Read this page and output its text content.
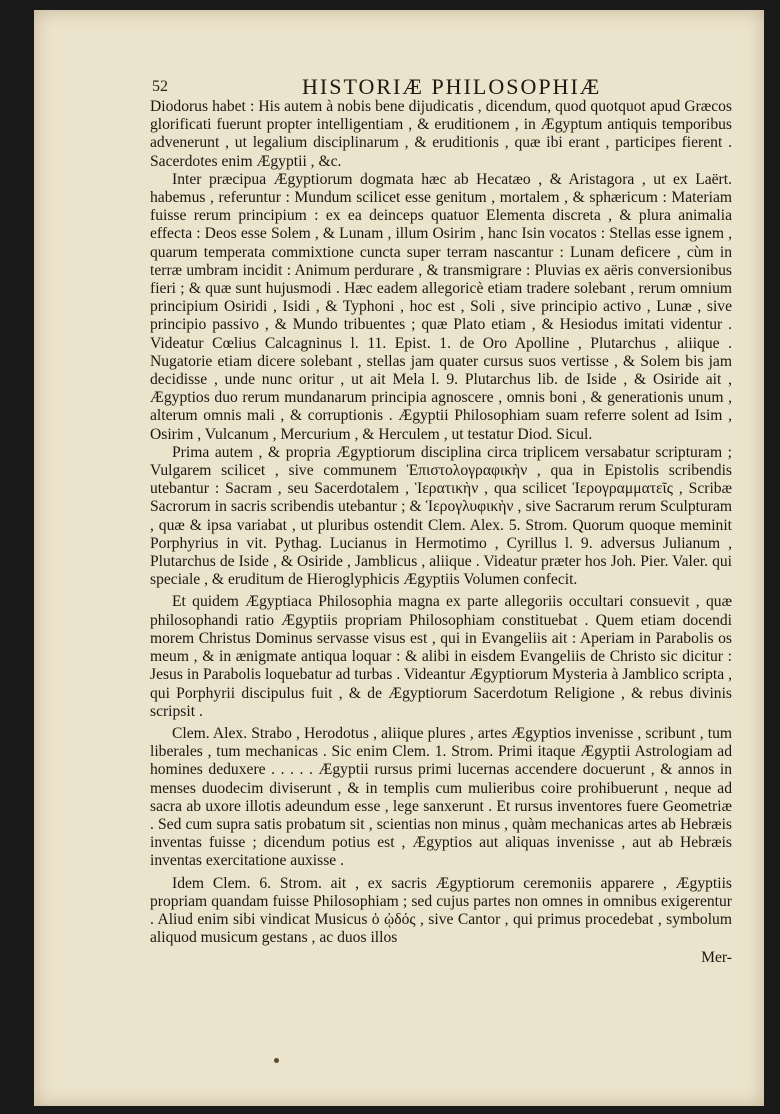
52	HISTORIÆ PHILOSOPHIÆ

Diodorus habet : His autem à nobis bene dijudicatis , dicendum, quod quotquot apud Græcos glorificati fuerunt propter intelligentiam , & eruditionem , in Ægyptum antiquis temporibus advenerunt , ut legalium disciplinarum , & eruditionis , quæ ibi erant , participes fierent . Sacerdotes enim Ægyptii , &c.

Inter præcipua Ægyptiorum dogmata hæc ab Hecatæo , & Aristagora , ut ex Laërt. habemus , referuntur : Mundum scilicet esse genitum , mortalem , & sphæricum : Materiam fuisse rerum principium : ex ea deinceps quatuor Elementa discreta , & plura animalia effecta : Deos esse Solem , & Lunam , illum Osirim , hanc Isin vocatos : Stellas esse ignem , quarum temperata commixtione cuncta super terram nascantur : Lunam deficere , cùm in terræ umbram incidit : Animum perdurare , & transmigrare : Pluvias ex aëris conversionibus fieri ; & quæ sunt hujusmodi . Hæc eadem allegoricè etiam tradere solebant , rerum omnium principium Osiridi , Isidi , & Typhoni , hoc est , Soli , sive principio activo , Lunæ , sive principio passivo , & Mundo tribuentes ; quæ Plato etiam , & Hesiodus imitati videntur . Videatur Cœlius Calcagninus l. 11. Epist. 1. de Oro Apolline , Plutarchus , aliique . Nugatorie etiam dicere solebant , stellas jam quater cursus suos vertisse , & Solem bis jam decidisse , unde nunc oritur , ut ait Mela l. 9. Plutarchus lib. de Iside , & Osiride ait , Ægyptios duo rerum mundanarum principia agnoscere , omnis boni , & generationis unum , alterum omnis mali , & corruptionis . Ægyptii Philosophiam suam referre solent ad Isim , Osirim , Vulcanum , Mercurium , & Herculem , ut testatur Diod. Sicul.

Prima autem , & propria Ægyptiorum disciplina circa triplicem versabatur scripturam ; Vulgarem scilicet , sive communem Ἐπιστολογραφικὴν , qua in Epistolis scribendis utebantur : Sacram , seu Sacerdotalem , Ἱερατικὴν , qua scilicet Ἱερογραμματεῖς , Scribæ Sacrorum in sacris scribendis utebantur ; & Ἱερογλυφικὴν , sive Sacrarum rerum Sculpturam , quæ & ipsa variabat , ut pluribus ostendit Clem. Alex. 5. Strom. Quorum quoque meminit Porphyrius in vit. Pythag. Lucianus in Hermotimo , Cyrillus l. 9. adversus Julianum , Plutarchus de Iside , & Osiride , Jamblicus , aliique . Videatur præter hos Joh. Pier. Valer. qui speciale , & eruditum de Hieroglyphicis Ægyptiis Volumen confecit.

Et quidem Ægyptiaca Philosophia magna ex parte allegoriis occultari consuevit , quæ philosophandi ratio Ægyptiis propriam Philosophiam constituebat . Quem etiam docendi morem Christus Dominus servasse visus est , qui in Evangeliis ait : Aperiam in Parabolis os meum , & in ænigmate antiqua loquar : & alibi in eisdem Evangeliis de Christo sic dicitur : Jesus in Parabolis loquebatur ad turbas . Videantur Ægyptiorum Mysteria à Jamblico scripta , qui Porphyrii discipulus fuit , & de Ægyptiorum Sacerdotum Religione , & rebus divinis scripsit .

Clem. Alex. Strabo , Herodotus , aliique plures , artes Ægyptios invenisse , scribunt , tum liberales , tum mechanicas . Sic enim Clem. 1. Strom. Primi itaque Ægyptii Astrologiam ad homines deduxere . . . . . Ægyptii rursus primi lucernas accendere docuerunt , & annos in menses duodecim diviserunt , & in templis cum mulieribus coire prohibuerunt , neque ad sacra ab uxore illotis adeundum esse , lege sanxerunt . Et rursus inventores fuere Geometriæ . Sed cum supra satis probatum sit , scientias non minus , quàm mechanicas artes ab Hebræis inventas fuisse ; dicendum potius est , Ægyptios aut aliquas invenisse , aut ab Hebræis inventas exercitatione auxisse .

Idem Clem. 6. Strom. ait , ex sacris Ægyptiorum ceremoniis apparere , Ægyptiis propriam quandam fuisse Philosophiam ; sed cujus partes non omnes in omnibus exigerentur . Aliud enim sibi vindicat Musicus ὁ ᾠδός , sive Cantor , qui primus procedebat , symbolum aliquod musicum gestans , ac duos illos

Mer-
